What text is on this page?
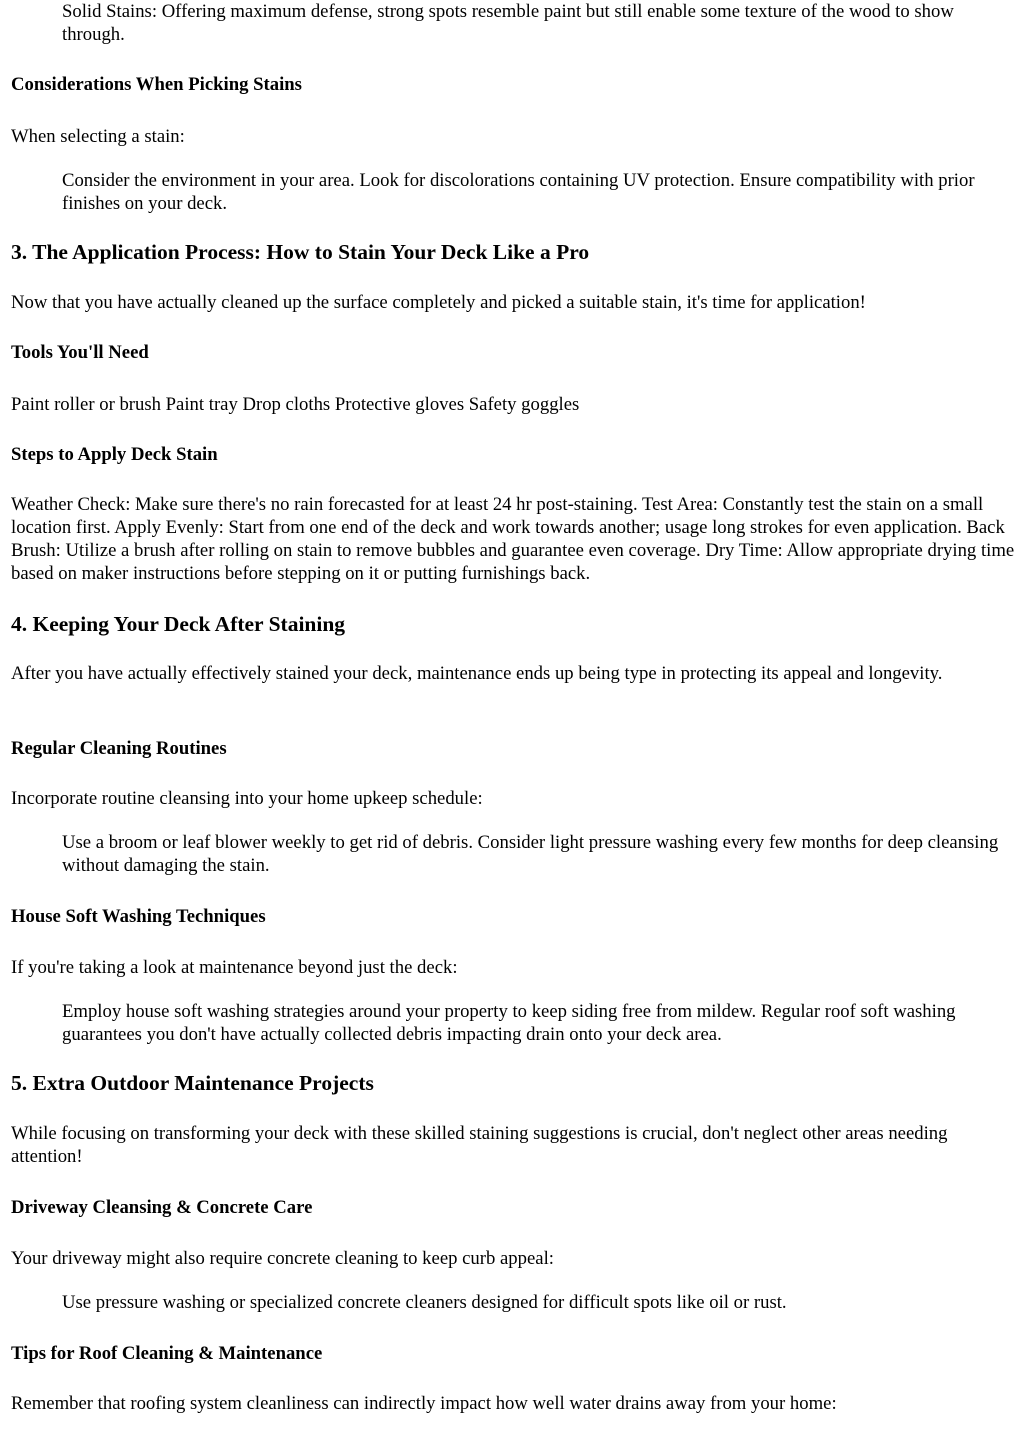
Solid Stains: Offering maximum defense, strong spots resemble paint but still enable some texture of the wood to show through.

Considerations When Picking Stains

When selecting a stain:

Consider the environment in your area. Look for discolorations containing UV protection. Ensure compatibility with prior finishes on your deck.

3. The Application Process: How to Stain Your Deck Like a Pro

Now that you have actually cleaned up the surface completely and picked a suitable stain, it's time for application!

Tools You'll Need

Paint roller or brush Paint tray Drop cloths Protective gloves Safety goggles

Steps to Apply Deck Stain

Weather Check: Make sure there's no rain forecasted for at least 24 hr post-staining. Test Area: Constantly test the stain on a small location first. Apply Evenly: Start from one end of the deck and work towards another; usage long strokes for even application. Back Brush: Utilize a brush after rolling on stain to remove bubbles and guarantee even coverage. Dry Time: Allow appropriate drying time based on maker instructions before stepping on it or putting furnishings back.

4. Keeping Your Deck After Staining

After you have actually effectively stained your deck, maintenance ends up being type in protecting its appeal and longevity.

Regular Cleaning Routines

Incorporate routine cleansing into your home upkeep schedule:

Use a broom or leaf blower weekly to get rid of debris. Consider light pressure washing every few months for deep cleansing without damaging the stain.

House Soft Washing Techniques

If you're taking a look at maintenance beyond just the deck:

Employ house soft washing strategies around your property to keep siding free from mildew. Regular roof soft washing guarantees you don't have actually collected debris impacting drain onto your deck area.

5. Extra Outdoor Maintenance Projects

While focusing on transforming your deck with these skilled staining suggestions is crucial, don't neglect other areas needing attention!

Driveway Cleansing & Concrete Care

Your driveway might also require concrete cleaning to keep curb appeal:

Use pressure washing or specialized concrete cleaners designed for difficult spots like oil or rust.

Tips for Roof Cleaning & Maintenance

Remember that roofing system cleanliness can indirectly impact how well water drains away from your home:
